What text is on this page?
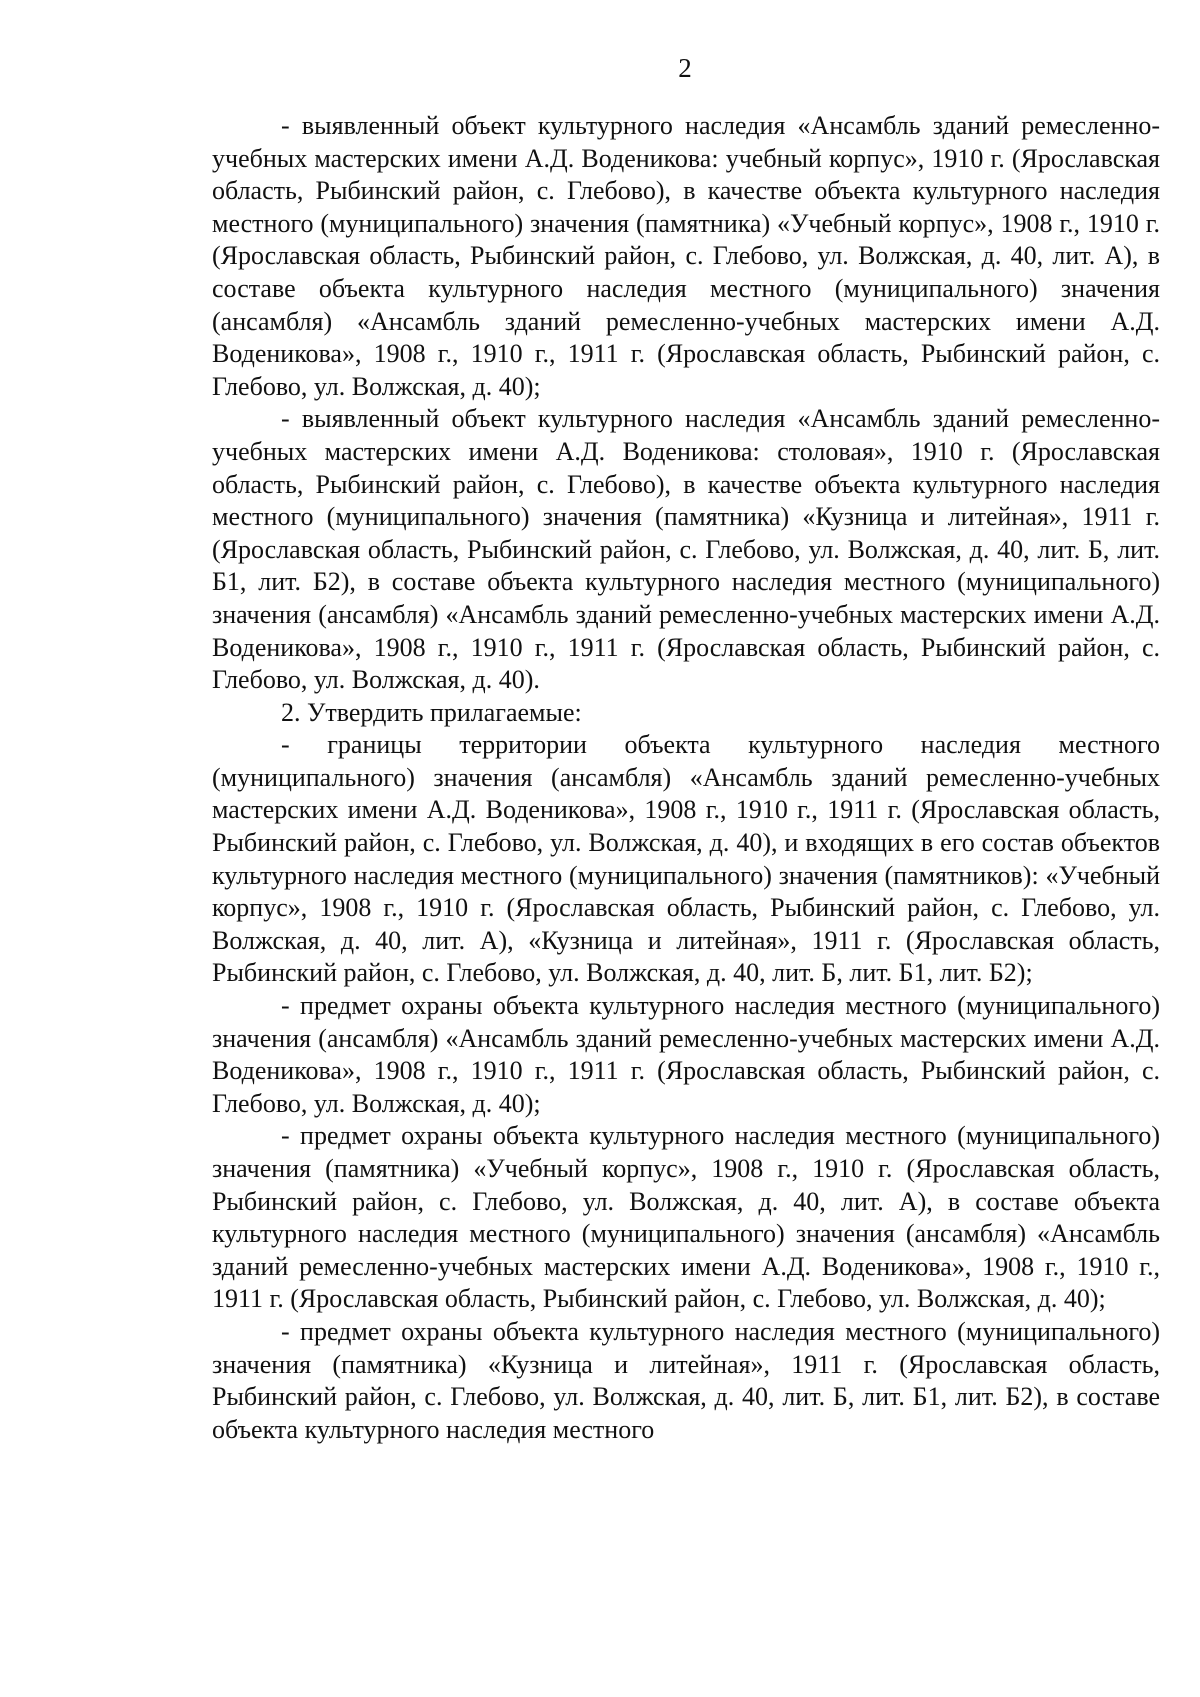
2

- выявленный объект культурного наследия «Ансамбль зданий ремесленно-учебных мастерских имени А.Д. Воденикова: учебный корпус», 1910 г. (Ярославская область, Рыбинский район, с. Глебово), в качестве объекта культурного наследия местного (муниципального) значения (памятника) «Учебный корпус», 1908 г., 1910 г. (Ярославская область, Рыбинский район, с. Глебово, ул. Волжская, д. 40, лит. А), в составе объекта культурного наследия местного (муниципального) значения (ансамбля) «Ансамбль зданий ремесленно-учебных мастерских имени А.Д. Воденикова», 1908 г., 1910 г., 1911 г. (Ярославская область, Рыбинский район, с. Глебово, ул. Волжская, д. 40);

- выявленный объект культурного наследия «Ансамбль зданий ремесленно-учебных мастерских имени А.Д. Воденикова: столовая», 1910 г. (Ярославская область, Рыбинский район, с. Глебово), в качестве объекта культурного наследия местного (муниципального) значения (памятника) «Кузница и литейная», 1911 г. (Ярославская область, Рыбинский район, с. Глебово, ул. Волжская, д. 40, лит. Б, лит. Б1, лит. Б2), в составе объекта культурного наследия местного (муниципального) значения (ансамбля) «Ансамбль зданий ремесленно-учебных мастерских имени А.Д. Воденикова», 1908 г., 1910 г., 1911 г. (Ярославская область, Рыбинский район, с. Глебово, ул. Волжская, д. 40).

2. Утвердить прилагаемые:

- границы территории объекта культурного наследия местного (муниципального) значения (ансамбля) «Ансамбль зданий ремесленно-учебных мастерских имени А.Д. Воденикова», 1908 г., 1910 г., 1911 г. (Ярославская область, Рыбинский район, с. Глебово, ул. Волжская, д. 40), и входящих в его состав объектов культурного наследия местного (муниципального) значения (памятников): «Учебный корпус», 1908 г., 1910 г. (Ярославская область, Рыбинский район, с. Глебово, ул. Волжская, д. 40, лит. А), «Кузница и литейная», 1911 г. (Ярославская область, Рыбинский район, с. Глебово, ул. Волжская, д. 40, лит. Б, лит. Б1, лит. Б2);

- предмет охраны объекта культурного наследия местного (муниципального) значения (ансамбля) «Ансамбль зданий ремесленно-учебных мастерских имени А.Д. Воденикова», 1908 г., 1910 г., 1911 г. (Ярославская область, Рыбинский район, с. Глебово, ул. Волжская, д. 40);

- предмет охраны объекта культурного наследия местного (муниципального) значения (памятника) «Учебный корпус», 1908 г., 1910 г. (Ярославская область, Рыбинский район, с. Глебово, ул. Волжская, д. 40, лит. А), в составе объекта культурного наследия местного (муниципального) значения (ансамбля) «Ансамбль зданий ремесленно-учебных мастерских имени А.Д. Воденикова», 1908 г., 1910 г., 1911 г. (Ярославская область, Рыбинский район, с. Глебово, ул. Волжская, д. 40);

- предмет охраны объекта культурного наследия местного (муниципального) значения (памятника) «Кузница и литейная», 1911 г. (Ярославская область, Рыбинский район, с. Глебово, ул. Волжская, д. 40, лит. Б, лит. Б1, лит. Б2), в составе объекта культурного наследия местного
